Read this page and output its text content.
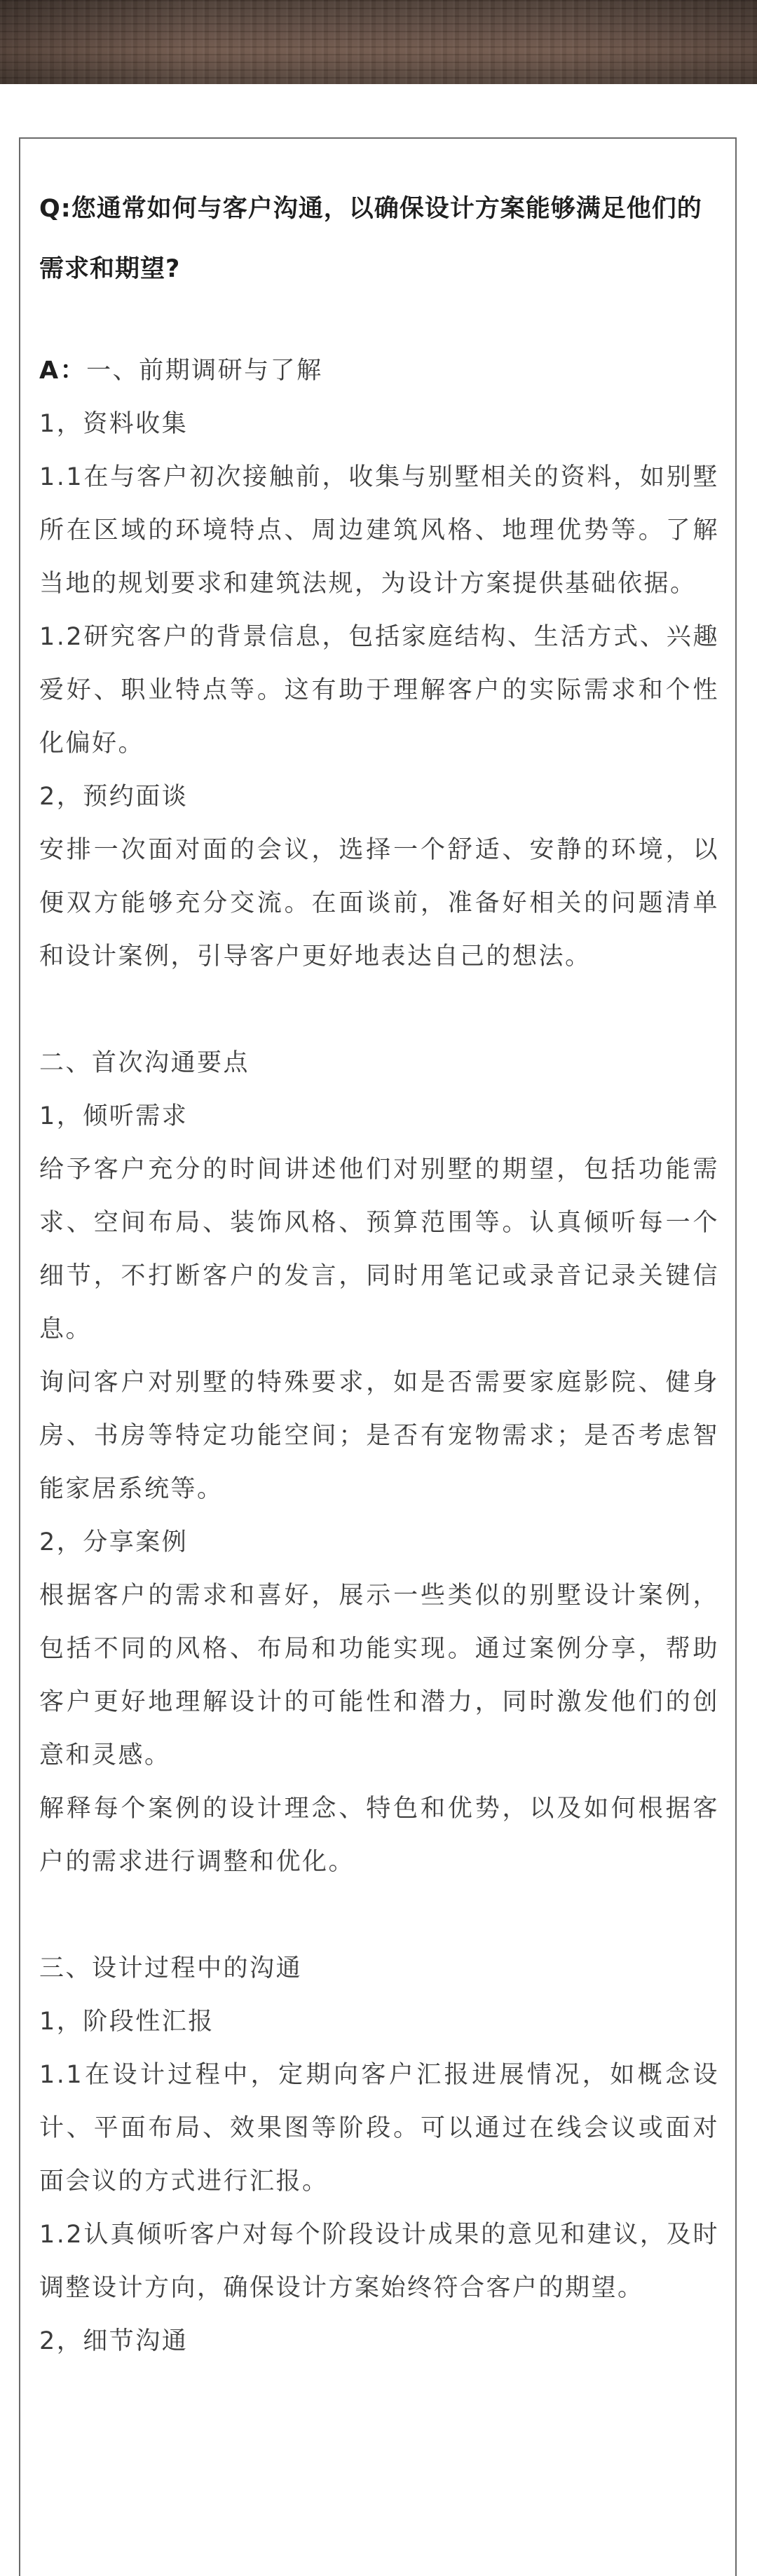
Q:您通常如何与客户沟通，以确保设计方案能够满足他们的需求和期望?

A：一、前期调研与了解

1，资料收集

1.1在与客户初次接触前，收集与别墅相关的资料，如别墅所在区域的环境特点、周边建筑风格、地理优势等。了解当地的规划要求和建筑法规，为设计方案提供基础依据。

1.2研究客户的背景信息，包括家庭结构、生活方式、兴趣爱好、职业特点等。这有助于理解客户的实际需求和个性化偏好。

2，预约面谈

安排一次面对面的会议，选择一个舒适、安静的环境，以便双方能够充分交流。在面谈前，准备好相关的问题清单和设计案例，引导客户更好地表达自己的想法。

二、首次沟通要点

1，倾听需求

给予客户充分的时间讲述他们对别墅的期望，包括功能需求、空间布局、装饰风格、预算范围等。认真倾听每一个细节，不打断客户的发言，同时用笔记或录音记录关键信息。

询问客户对别墅的特殊要求，如是否需要家庭影院、健身房、书房等特定功能空间；是否有宠物需求；是否考虑智能家居系统等。

2，分享案例

根据客户的需求和喜好，展示一些类似的别墅设计案例，包括不同的风格、布局和功能实现。通过案例分享，帮助客户更好地理解设计的可能性和潜力，同时激发他们的创意和灵感。

解释每个案例的设计理念、特色和优势，以及如何根据客户的需求进行调整和优化。

三、设计过程中的沟通

1，阶段性汇报

1.1在设计过程中，定期向客户汇报进展情况，如概念设计、平面布局、效果图等阶段。可以通过在线会议或面对面会议的方式进行汇报。

1.2认真倾听客户对每个阶段设计成果的意见和建议，及时调整设计方向，确保设计方案始终符合客户的期望。

2，细节沟通
